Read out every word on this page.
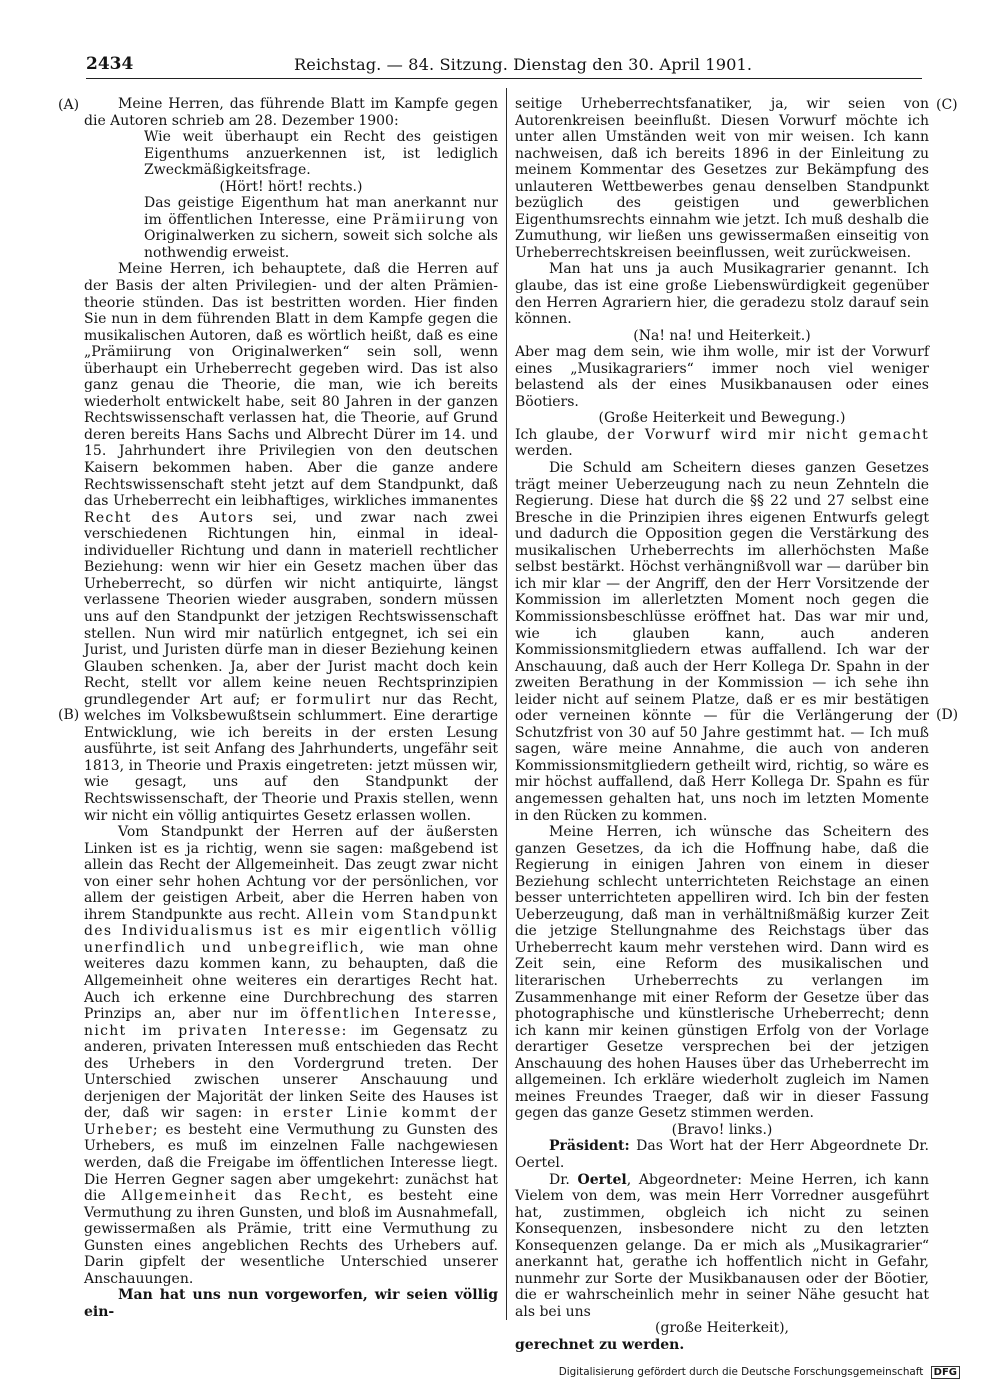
2434	Reichstag. — 84. Sitzung. Dienstag den 30. April 1901.
(A)
(B)
(C)
(D)

Meine Herren, das führende Blatt im Kampfe gegen die Autoren schrieb am 28. Dezember 1900:

Wie weit überhaupt ein Recht des geistigen Eigenthums anzuerkennen ist, ist lediglich Zweckmäßigkeitsfrage.

(Hört! hört! rechts.)

Das geistige Eigenthum hat man anerkannt nur im öffentlichen Interesse, eine Prämiirung von Originalwerken zu sichern, soweit sich solche als nothwendig erweist.

Meine Herren, ich behauptete, daß die Herren auf der Basis der alten Privilegien- und der alten Prämien-theorie stünden. Das ist bestritten worden. Hier finden Sie nun in dem führenden Blatt in dem Kampfe gegen die musikalischen Autoren, daß es wörtlich heißt, daß es eine „Prämiirung von Originalwerken“ sein soll, wenn überhaupt ein Urheberrecht gegeben wird. Das ist also ganz genau die Theorie, die man, wie ich bereits wiederholt entwickelt habe, seit 80 Jahren in der ganzen Rechtswissenschaft verlassen hat, die Theorie, auf Grund deren bereits Hans Sachs und Albrecht Dürer im 14. und 15. Jahrhundert ihre Privilegien von den deutschen Kaisern bekommen haben. Aber die ganze andere Rechtswissenschaft steht jetzt auf dem Standpunkt, daß das Urheberrecht ein leibhaftiges, wirkliches immanentes Recht des Autors sei, und zwar nach zwei verschiedenen Richtungen hin, einmal in ideal-individueller Richtung und dann in materiell rechtlicher Beziehung: wenn wir hier ein Gesetz machen über das Urheberrecht, so dürfen wir nicht antiquirte, längst verlassene Theorien wieder ausgraben, sondern müssen uns auf den Standpunkt der jetzigen Rechtswissenschaft stellen. Nun wird mir natürlich entgegnet, ich sei ein Jurist, und Juristen dürfe man in dieser Beziehung keinen Glauben schenken. Ja, aber der Jurist macht doch kein Recht, stellt vor allem keine neuen Rechtsprinzipien grundlegender Art auf; er formulirt nur das Recht, welches im Volksbewußtsein schlummert. Eine derartige Entwicklung, wie ich bereits in der ersten Lesung ausführte, ist seit Anfang des Jahrhunderts, ungefähr seit 1813, in Theorie und Praxis eingetreten: jetzt müssen wir, wie gesagt, uns auf den Standpunkt der Rechtswissenschaft, der Theorie und Praxis stellen, wenn wir nicht ein völlig antiquirtes Gesetz erlassen wollen.

Vom Standpunkt der Herren auf der äußersten Linken ist es ja richtig, wenn sie sagen: maßgebend ist allein das Recht der Allgemeinheit. Das zeugt zwar nicht von einer sehr hohen Achtung vor der persönlichen, vor allem der geistigen Arbeit, aber die Herren haben von ihrem Standpunkte aus recht. Allein vom Standpunkt des Individualismus ist es mir eigentlich völlig unerfindlich und unbegreiflich, wie man ohne weiteres dazu kommen kann, zu behaupten, daß die Allgemeinheit ohne weiteres ein derartiges Recht hat. Auch ich erkenne eine Durchbrechung des starren Prinzips an, aber nur im öffentlichen Interesse, nicht im privaten Interesse: im Gegensatz zu anderen, privaten Interessen muß entschieden das Recht des Urhebers in den Vordergrund treten. Der Unterschied zwischen unserer Anschauung und derjenigen der Majorität der linken Seite des Hauses ist der, daß wir sagen: in erster Linie kommt der Urheber; es besteht eine Vermuthung zu Gunsten des Urhebers, es muß im einzelnen Falle nachgewiesen werden, daß die Freigabe im öffentlichen Interesse liegt. Die Herren Gegner sagen aber umgekehrt: zunächst hat die Allgemeinheit das Recht, es besteht eine Vermuthung zu ihren Gunsten, und bloß im Ausnahmefall, gewissermaßen als Prämie, tritt eine Vermuthung zu Gunsten eines angeblichen Rechts des Urhebers auf. Darin gipfelt der wesentliche Unterschied unserer Anschauungen.

Man hat uns nun vorgeworfen, wir seien völlig ein-

seitige Urheberrechtsfanatiker, ja, wir seien von Autorenkreisen beeinflußt. Diesen Vorwurf möchte ich unter allen Umständen weit von mir weisen. Ich kann nachweisen, daß ich bereits 1896 in der Einleitung zu meinem Kommentar des Gesetzes zur Bekämpfung des unlauteren Wettbewerbes genau denselben Standpunkt bezüglich des geistigen und gewerblichen Eigenthumsrechts einnahm wie jetzt. Ich muß deshalb die Zumuthung, wir ließen uns gewissermaßen einseitig von Urheberrechtskreisen beeinflussen, weit zurückweisen.

Man hat uns ja auch Musikagrarier genannt. Ich glaube, das ist eine große Liebenswürdigkeit gegenüber den Herren Agrariern hier, die geradezu stolz darauf sein können.

(Na! na! und Heiterkeit.)

Aber mag dem sein, wie ihm wolle, mir ist der Vorwurf eines „Musikagrariers“ immer noch viel weniger belastend als der eines Musikbanausen oder eines Böotiers.

(Große Heiterkeit und Bewegung.)

Ich glaube, der Vorwurf wird mir nicht gemacht werden.

Die Schuld am Scheitern dieses ganzen Gesetzes trägt meiner Ueberzeugung nach zu neun Zehnteln die Regierung. Diese hat durch die §§ 22 und 27 selbst eine Bresche in die Prinzipien ihres eigenen Entwurfs gelegt und dadurch die Opposition gegen die Verstärkung des musikalischen Urheberrechts im allerhöchsten Maße selbst bestärkt. Höchst verhängnißvoll war — darüber bin ich mir klar — der Angriff, den der Herr Vorsitzende der Kommission im allerletzten Moment noch gegen die Kommissionsbeschlüsse eröffnet hat. Das war mir und, wie ich glauben kann, auch anderen Kommissionsmitgliedern etwas auffallend. Ich war der Anschauung, daß auch der Herr Kollega Dr. Spahn in der zweiten Berathung in der Kommission — ich sehe ihn leider nicht auf seinem Platze, daß er es mir bestätigen oder verneinen könnte — für die Verlängerung der Schutzfrist von 30 auf 50 Jahre gestimmt hat. — Ich muß sagen, wäre meine Annahme, die auch von anderen Kommissionsmitgliedern getheilt wird, richtig, so wäre es mir höchst auffallend, daß Herr Kollega Dr. Spahn es für angemessen gehalten hat, uns noch im letzten Momente in den Rücken zu kommen.

Meine Herren, ich wünsche das Scheitern des ganzen Gesetzes, da ich die Hoffnung habe, daß die Regierung in einigen Jahren von einem in dieser Beziehung schlecht unterrichteten Reichstage an einen besser unterrichteten appelliren wird. Ich bin der festen Ueberzeugung, daß man in verhältnißmäßig kurzer Zeit die jetzige Stellungnahme des Reichstags über das Urheberrecht kaum mehr verstehen wird. Dann wird es Zeit sein, eine Reform des musikalischen und literarischen Urheberrechts zu verlangen im Zusammenhange mit einer Reform der Gesetze über das photographische und künstlerische Urheberrecht; denn ich kann mir keinen günstigen Erfolg von der Vorlage derartiger Gesetze versprechen bei der jetzigen Anschauung des hohen Hauses über das Urheberrecht im allgemeinen. Ich erkläre wiederholt zugleich im Namen meines Freundes Traeger, daß wir in dieser Fassung gegen das ganze Gesetz stimmen werden.

(Bravo! links.)

Präsident: Das Wort hat der Herr Abgeordnete Dr. Oertel.

Dr. Oertel, Abgeordneter: Meine Herren, ich kann Vielem von dem, was mein Herr Vorredner ausgeführt hat, zustimmen, obgleich ich nicht zu seinen Konsequenzen, insbesondere nicht zu den letzten Konsequenzen gelange. Da er mich als „Musikagrarier“ anerkannt hat, gerathe ich hoffentlich nicht in Gefahr, nunmehr zur Sorte der Musikbanausen oder der Böotier, die er wahrscheinlich mehr in seiner Nähe gesucht hat als bei uns

(große Heiterkeit),

gerechnet zu werden.

Digitalisierung gefördert durch die Deutsche Forschungsgemeinschaft DFG
